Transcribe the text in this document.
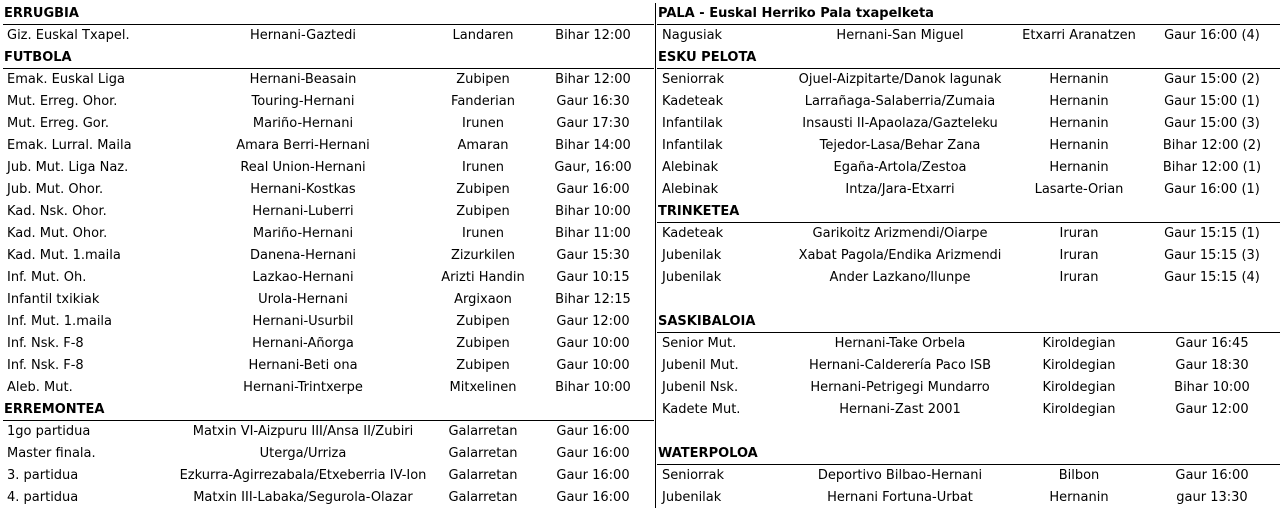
ERRUGBIA
Giz. Euskal Txapel.	Hernani-Gaztedi	Landaren	Bihar 12:00
FUTBOLA
Emak. Euskal Liga	Hernani-Beasain	Zubipen	Bihar 12:00
Mut. Erreg. Ohor.	Touring-Hernani	Fanderian	Gaur 16:30
Mut. Erreg. Gor.	Mariño-Hernani	Irunen	Gaur 17:30
Emak. Lurral. Maila	Amara Berri-Hernani	Amaran	Bihar 14:00
Jub. Mut. Liga Naz.	Real Union-Hernani	Irunen	Gaur, 16:00
Jub. Mut. Ohor.	Hernani-Kostkas	Zubipen	Gaur 16:00
Kad. Nsk. Ohor.	Hernani-Luberri	Zubipen	Bihar 10:00
Kad. Mut. Ohor.	Mariño-Hernani	Irunen	Bihar 11:00
Kad. Mut. 1.maila	Danena-Hernani	Zizurkilen	Gaur 15:30
Inf. Mut. Oh.	Lazkao-Hernani	Arizti Handin	Gaur 10:15
Infantil txikiak	Urola-Hernani	Argixaon	Bihar 12:15
Inf. Mut. 1.maila	Hernani-Usurbil	Zubipen	Gaur 12:00
Inf. Nsk. F-8	Hernani-Añorga	Zubipen	Gaur 10:00
Inf. Nsk. F-8	Hernani-Beti ona	Zubipen	Gaur 10:00
Aleb. Mut.	Hernani-Trintxerpe	Mitxelinen	Bihar 10:00
ERREMONTEA
1go partidua	Matxin VI-Aizpuru III/Ansa II/Zubiri	Galarretan	Gaur 16:00
Master finala.	Uterga/Urriza	Galarretan	Gaur 16:00
3. partidua	Ezkurra-Agirrezabala/Etxeberria IV-Ion	Galarretan	Gaur 16:00
4. partidua	Matxin III-Labaka/Segurola-Olazar	Galarretan	Gaur 16:00
PALA - Euskal Herriko Pala txapelketa
Nagusiak	Hernani-San Miguel	Etxarri Aranatzen	Gaur 16:00 (4)
ESKU PELOTA
Seniorrak	Ojuel-Aizpitarte/Danok lagunak	Hernanin	Gaur 15:00 (2)
Kadeteak	Larrañaga-Salaberria/Zumaia	Hernanin	Gaur 15:00 (1)
Infantilak	Insausti II-Apaolaza/Gazteleku	Hernanin	Gaur 15:00 (3)
Infantilak	Tejedor-Lasa/Behar Zana	Hernanin	Bihar 12:00 (2)
Alebinak	Egaña-Artola/Zestoa	Hernanin	Bihar 12:00 (1)
Alebinak	Intza/Jara-Etxarri	Lasarte-Orian	Gaur 16:00 (1)
TRINKETEA
Kadeteak	Garikoitz Arizmendi/Oiarpe	Iruran	Gaur 15:15 (1)
Jubenilak	Xabat Pagola/Endika Arizmendi	Iruran	Gaur 15:15 (3)
Jubenilak	Ander Lazkano/Ilunpe	Iruran	Gaur 15:15 (4)
SASKIBALOIA
Senior Mut.	Hernani-Take Orbela	Kiroldegian	Gaur 16:45
Jubenil Mut.	Hernani-Calderería Paco ISB	Kiroldegian	Gaur 18:30
Jubenil Nsk.	Hernani-Petrigegi Mundarro	Kiroldegian	Bihar 10:00
Kadete Mut.	Hernani-Zast 2001	Kiroldegian	Gaur 12:00
WATERPOLOA
Seniorrak	Deportivo Bilbao-Hernani	Bilbon	Gaur 16:00
Jubenilak	Hernani Fortuna-Urbat	Hernanin	gaur 13:30
